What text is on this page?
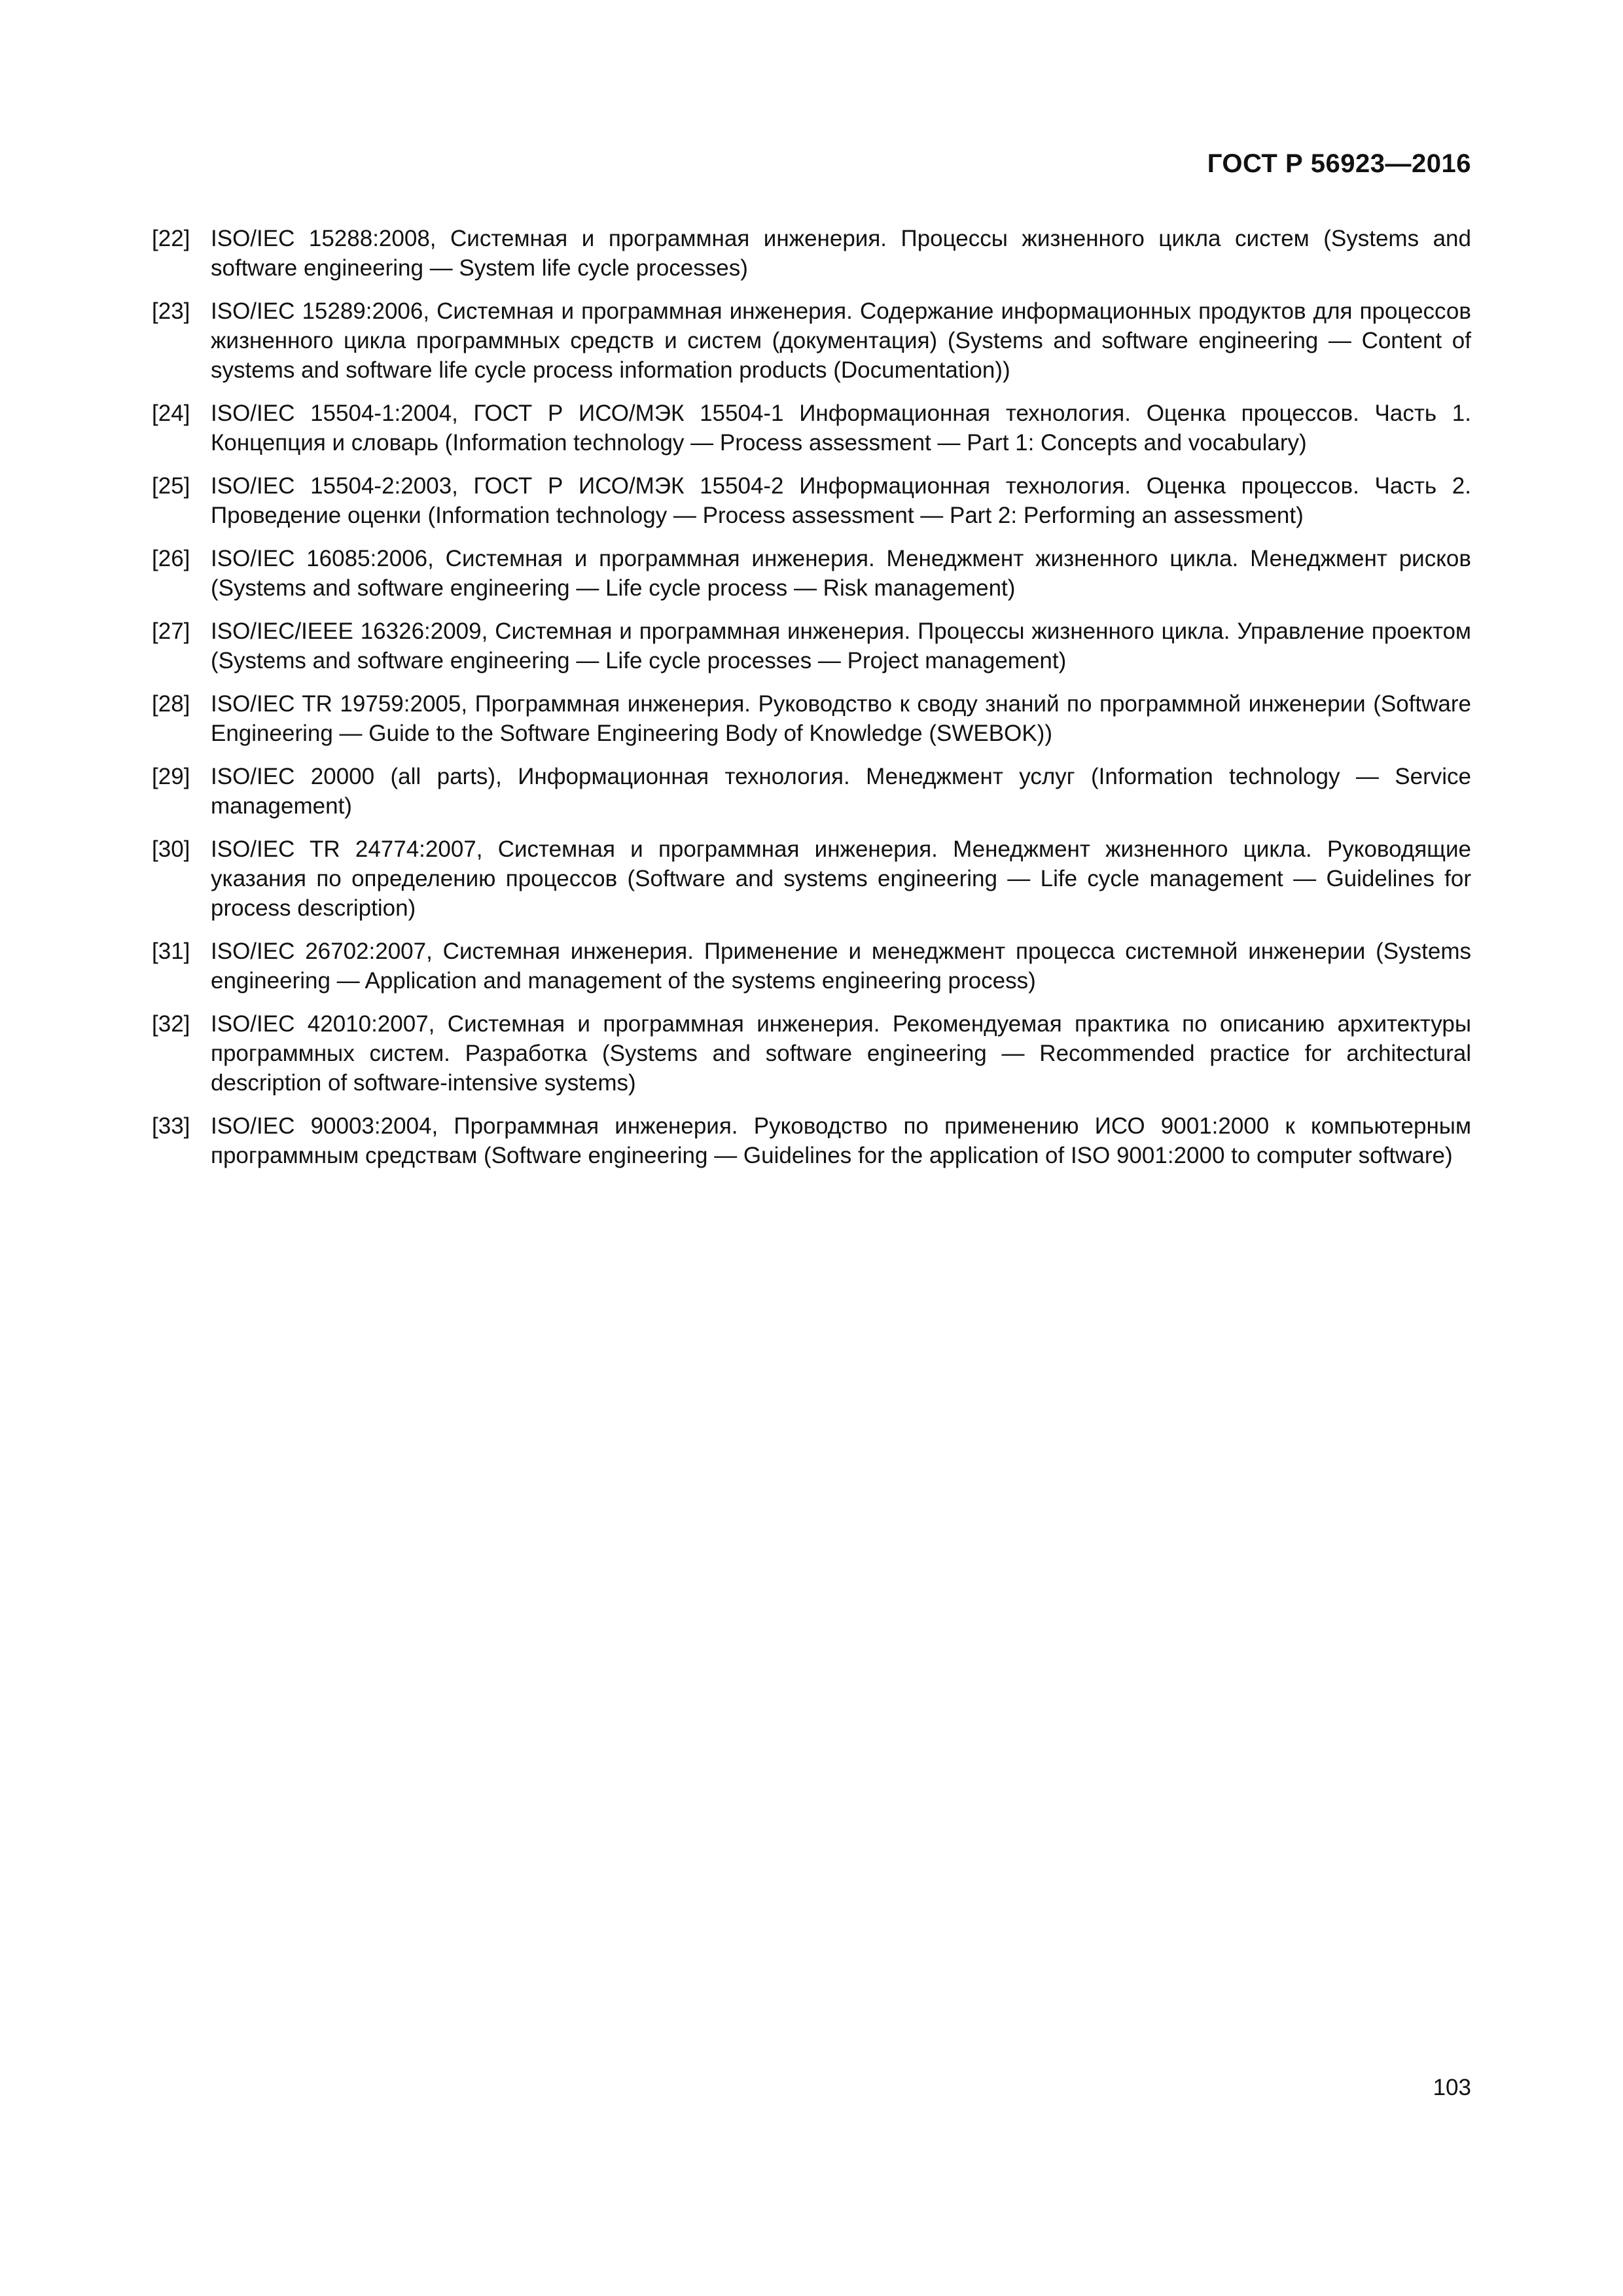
ГОСТ Р 56923—2016
[22] ISO/IEC 15288:2008, Системная и программная инженерия. Процессы жизненного цикла систем (Systems and software engineering — System life cycle processes)
[23] ISO/IEC 15289:2006, Системная и программная инженерия. Содержание информационных продуктов для процессов жизненного цикла программных средств и систем (документация) (Systems and software engineering — Content of systems and software life cycle process information products (Documentation))
[24] ISO/IEC 15504-1:2004, ГОСТ Р ИСО/МЭК 15504-1 Информационная технология. Оценка процессов. Часть 1. Концепция и словарь (Information technology — Process assessment — Part 1: Concepts and vocabulary)
[25] ISO/IEC 15504-2:2003, ГОСТ Р ИСО/МЭК 15504-2 Информационная технология. Оценка процессов. Часть 2. Проведение оценки (Information technology — Process assessment — Part 2: Performing an assessment)
[26] ISO/IEC 16085:2006, Системная и программная инженерия. Менеджмент жизненного цикла. Менеджмент рисков (Systems and software engineering — Life cycle process — Risk management)
[27] ISO/IEC/IEEE 16326:2009, Системная и программная инженерия. Процессы жизненного цикла. Управление проектом (Systems and software engineering — Life cycle processes — Project management)
[28] ISO/IEC TR 19759:2005, Программная инженерия. Руководство к своду знаний по программной инженерии (Software Engineering — Guide to the Software Engineering Body of Knowledge (SWEBOK))
[29] ISO/IEC 20000 (all parts), Информационная технология. Менеджмент услуг (Information technology — Service management)
[30] ISO/IEC TR 24774:2007, Системная и программная инженерия. Менеджмент жизненного цикла. Руководящие указания по определению процессов (Software and systems engineering — Life cycle management — Guidelines for process description)
[31] ISO/IEC 26702:2007, Системная инженерия. Применение и менеджмент процесса системной инженерии (Systems engineering — Application and management of the systems engineering process)
[32] ISO/IEC 42010:2007, Системная и программная инженерия. Рекомендуемая практика по описанию архитектуры программных систем. Разработка (Systems and software engineering — Recommended practice for architectural description of software-intensive systems)
[33] ISO/IEC 90003:2004, Программная инженерия. Руководство по применению ИСО 9001:2000 к компьютерным программным средствам (Software engineering — Guidelines for the application of ISO 9001:2000 to computer software)
103
